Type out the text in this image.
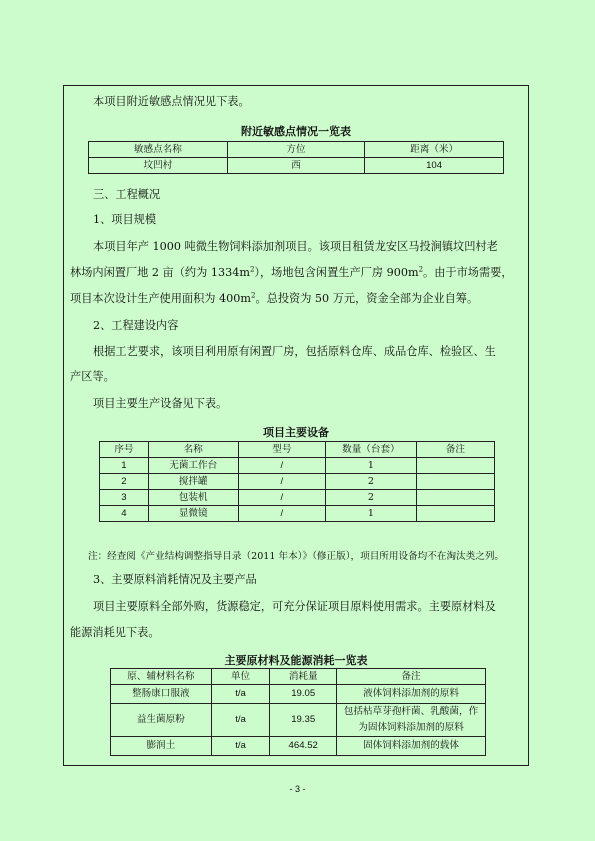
本项目附近敏感点情况见下表。
附近敏感点情况一览表
敏感点名称	方位	距离（米）
坟凹村	西	104
三、工程概况
1、项目规模
本项目年产 1000 吨微生物饲料添加剂项目。该项目租赁龙安区马投涧镇坟凹村老
林场内闲置厂地 2 亩（约为 $1334m^2$），场地包含闲置生产厂房 $900m^2$。由于市场需要，
项目本次设计生产使用面积为 $400m^2$。总投资为 50 万元，资金全部为企业自筹。
2、工程建设内容
根据工艺要求，该项目利用原有闲置厂房，包括原料仓库、成品仓库、检验区、生
产区等。
项目主要生产设备见下表。
项目主要设备
序号	名称	型号	数量（台套）	备注
1	无菌工作台	/	1	
2	搅拌罐	/	2	
3	包装机	/	2	
4	显微镜	/	1	
注：经查阅《产业结构调整指导目录（2011 年本）》（修正版），项目所用设备均不在淘汰类之列。
3、主要原料消耗情况及主要产品
项目主要原料全部外购，货源稳定，可充分保证项目原料使用需求。主要原材料及
能源消耗见下表。
主要原材料及能源消耗一览表
原、辅材料名称	单位	消耗量	备注
整肠康口服液	t/a	19.05	液体饲料添加剂的原料
益生菌原粉	t/a	19.35	包括枯草芽孢杆菌、乳酸菌，作
为固体饲料添加剂的原料

膨润土	t/a	464.52	固体饲料添加剂的载体
- 3 -
